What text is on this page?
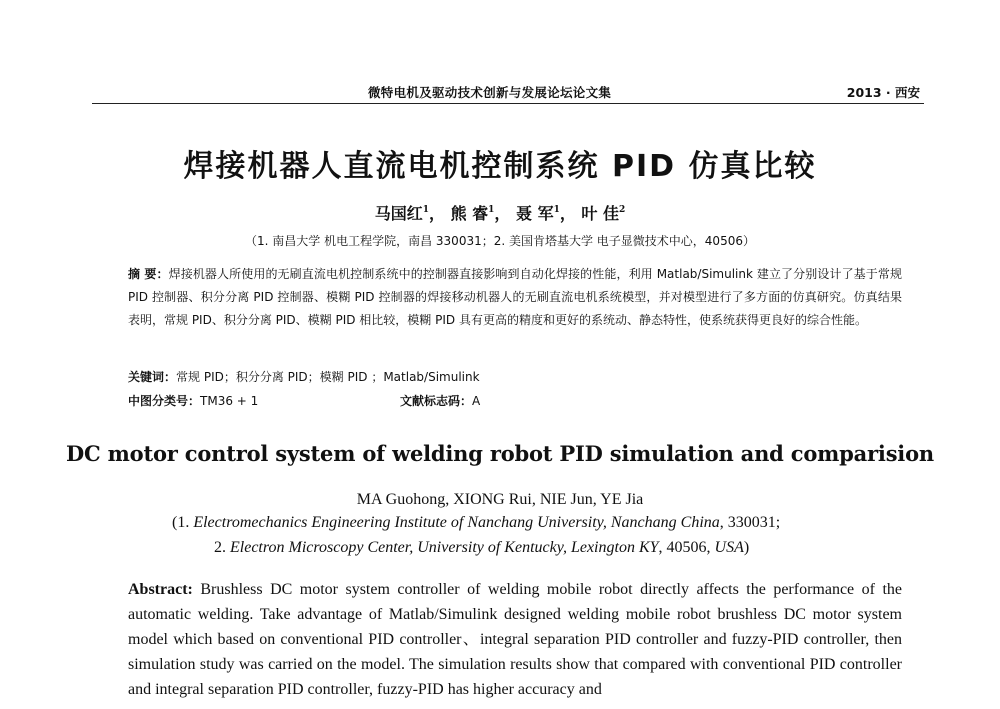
微特电机及驱动技术创新与发展论坛论文集	2013 · 西安
焊接机器人直流电机控制系统 PID 仿真比较
马国红$^1$， 熊 睿$^1$， 聂 军$^1$， 叶 佳$^2$
（1. 南昌大学 机电工程学院，南昌 330031；2. 美国肯塔基大学 电子显微技术中心，40506）
摘 要：焊接机器人所使用的无刷直流电机控制系统中的控制器直接影响到自动化焊接的性能，利用 Matlab/Simulink 建立了分别设计了基于常规 PID 控制器、积分分离 PID 控制器、模糊 PID 控制器的焊接移动机器人的无刷直流电机系统模型，并对模型进行了多方面的仿真研究。仿真结果表明，常规 PID、积分分离 PID、模糊 PID 相比较，模糊 PID 具有更高的精度和更好的系统动、静态特性，使系统获得更良好的综合性能。
关键词：常规 PID；积分分离 PID；模糊 PID ；Matlab/Simulink
中图分类号：TM36 + 1	文献标志码：A
DC motor control system of welding robot PID simulation and comparision
MA Guohong, XIONG Rui, NIE Jun, YE Jia
(1. Electromechanics Engineering Institute of Nanchang University, Nanchang China, 330031;
2. Electron Microscopy Center, University of Kentucky, Lexington KY, 40506, USA)
Abstract: Brushless DC motor system controller of welding mobile robot directly affects the performance of the automatic welding. Take advantage of Matlab/Simulink designed welding mobile robot brushless DC motor system model which based on conventional PID controller、integral separation PID controller and fuzzy-PID controller, then simulation study was carried on the model. The simulation results show that compared with conventional PID controller and integral separation PID controller, fuzzy-PID has higher accuracy and
